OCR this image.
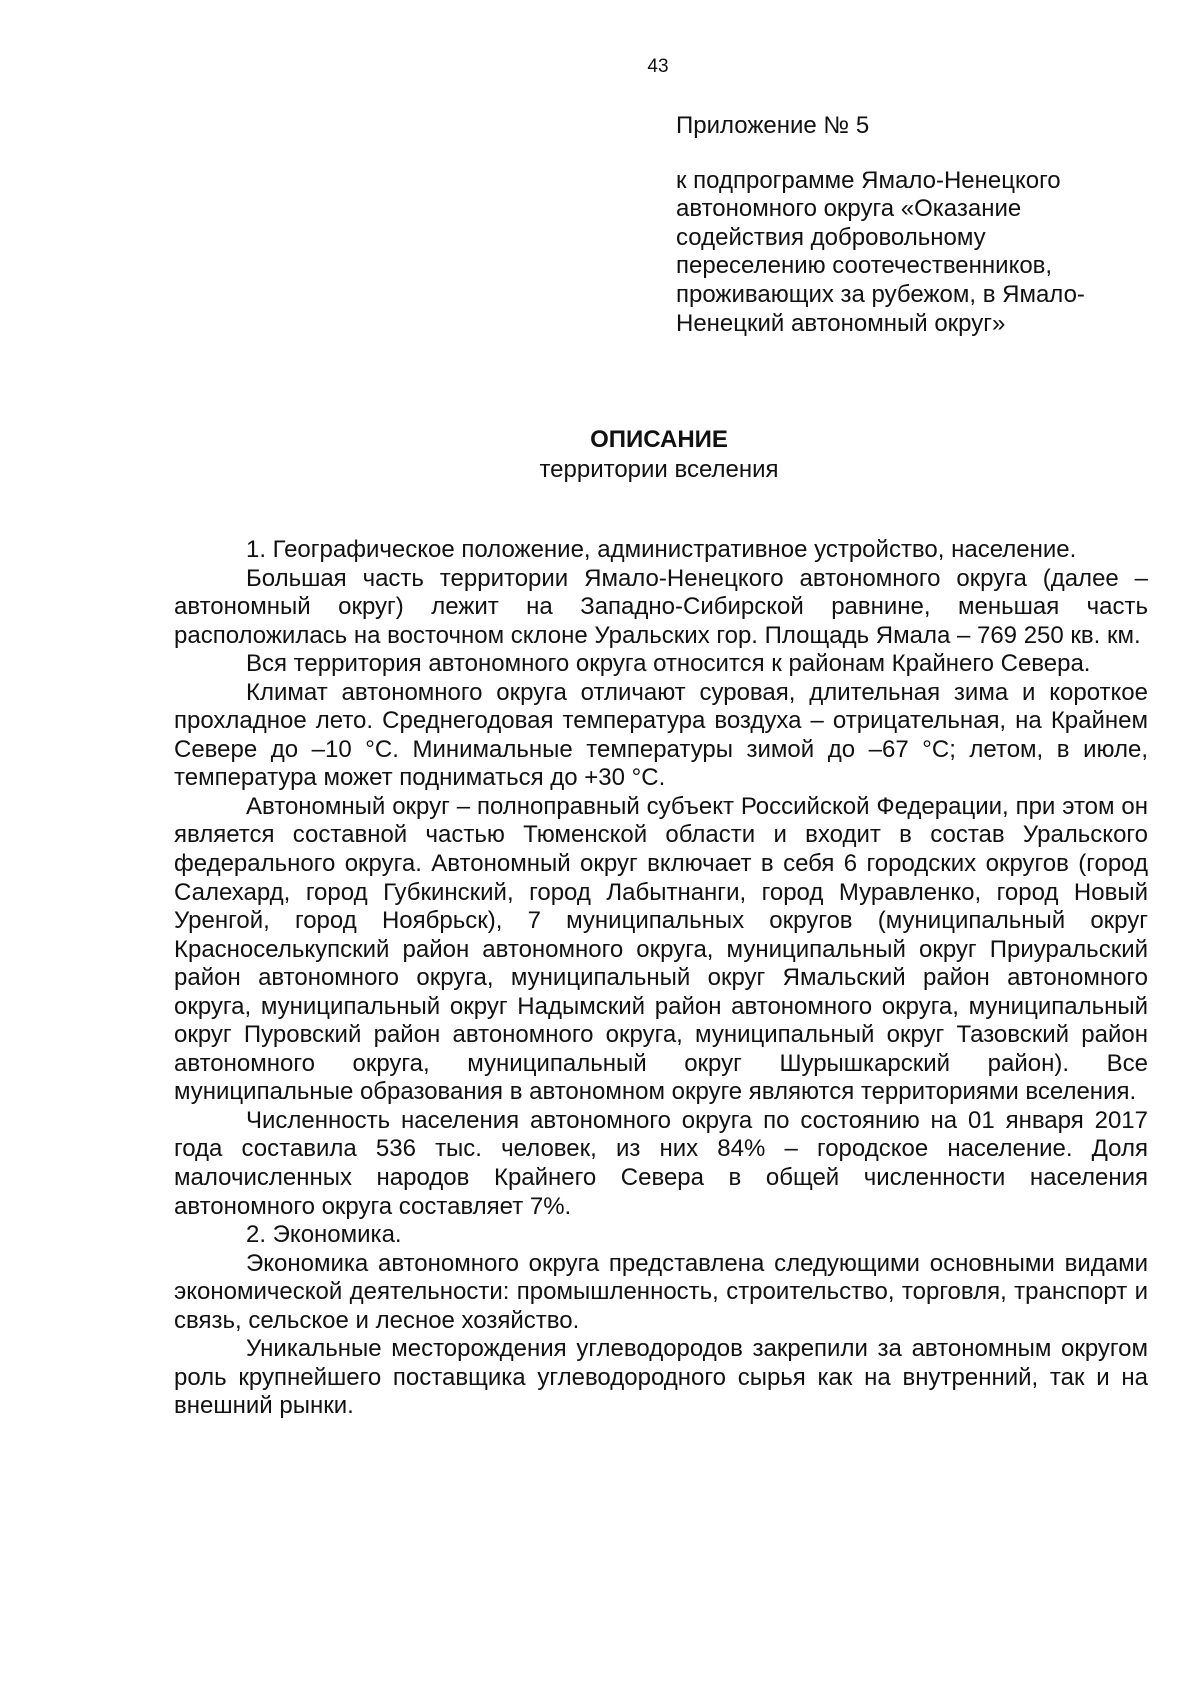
43

Приложение № 5

к подпрограмме Ямало-Ненецкого автономного округа «Оказание содействия добровольному переселению соотечественников, проживающих за рубежом, в Ямало-Ненецкий автономный округ»

ОПИСАНИЕ
территории вселения

1. Географическое положение, административное устройство, население.

Большая часть территории Ямало-Ненецкого автономного округа (далее – автономный округ) лежит на Западно-Сибирской равнине, меньшая часть расположилась на восточном склоне Уральских гор. Площадь Ямала – 769 250 кв. км.

Вся территория автономного округа относится к районам Крайнего Севера.

Климат автономного округа отличают суровая, длительная зима и короткое прохладное лето. Среднегодовая температура воздуха – отрицательная, на Крайнем Севере до –10 °С. Минимальные температуры зимой до –67 °С; летом, в июле, температура может подниматься до +30 °С.

Автономный округ – полноправный субъект Российской Федерации, при этом он является составной частью Тюменской области и входит в состав Уральского федерального округа. Автономный округ включает в себя 6 городских округов (город Салехард, город Губкинский, город Лабытнанги, город Муравленко, город Новый Уренгой, город Ноябрьск), 7 муниципальных округов (муниципальный округ Красноселькупский район автономного округа, муниципальный округ Приуральский район автономного округа, муниципальный округ Ямальский район автономного округа, муниципальный округ Надымский район автономного округа, муниципальный округ Пуровский район автономного округа, муниципальный округ Тазовский район автономного округа, муниципальный округ Шурышкарский район). Все муниципальные образования в автономном округе являются территориями вселения.

Численность населения автономного округа по состоянию на 01 января 2017 года составила 536 тыс. человек, из них 84% – городское население. Доля малочисленных народов Крайнего Севера в общей численности населения автономного округа составляет 7%.

2. Экономика.

Экономика автономного округа представлена следующими основными видами экономической деятельности: промышленность, строительство, торговля, транспорт и связь, сельское и лесное хозяйство.

Уникальные месторождения углеводородов закрепили за автономным округом роль крупнейшего поставщика углеводородного сырья как на внутренний, так и на внешний рынки.
